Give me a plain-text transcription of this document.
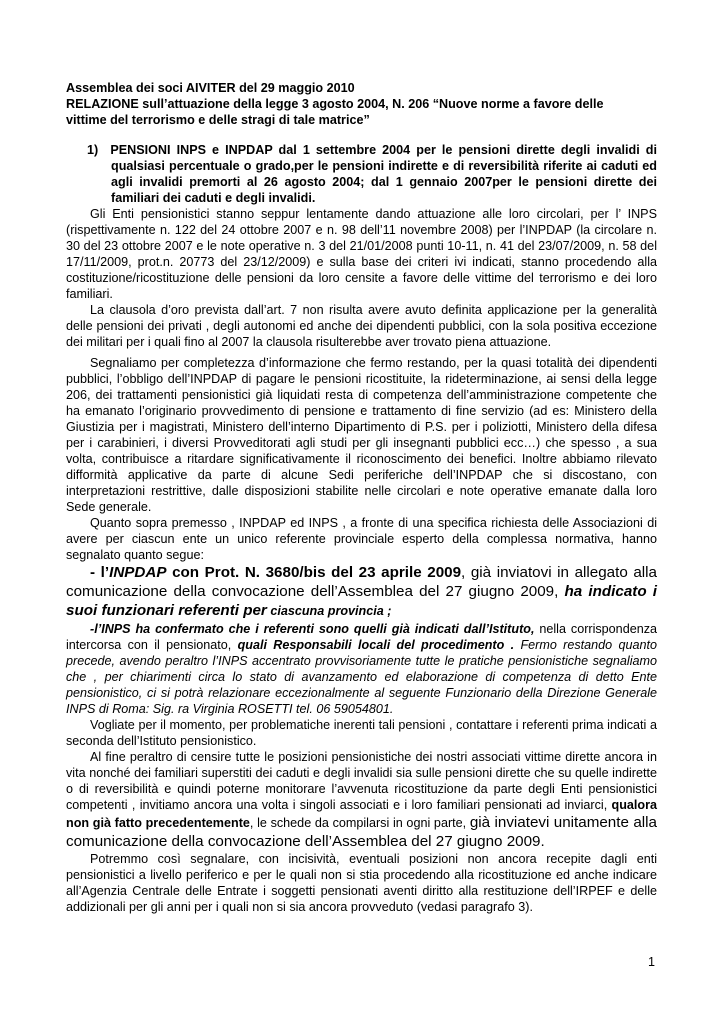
Assemblea dei soci AIVITER del 29 maggio 2010
RELAZIONE sull’attuazione della legge 3 agosto 2004, N. 206 “Nuove norme a favore delle
vittime del terrorismo e delle stragi di tale matrice”
1) PENSIONI INPS e INPDAP dal 1 settembre 2004 per le pensioni dirette degli invalidi di qualsiasi percentuale o grado,per le pensioni indirette e di reversibilità riferite ai caduti ed agli invalidi premorti al 26 agosto 2004; dal 1 gennaio 2007per le pensioni dirette dei familiari dei caduti e degli invalidi.

Gli Enti pensionistici stanno seppur lentamente dando attuazione alle loro circolari, per l’ INPS (rispettivamente n. 122 del 24 ottobre 2007 e n. 98 dell’11 novembre 2008) per l’INPDAP (la circolare n. 30 del 23 ottobre 2007 e le note operative n. 3 del 21/01/2008 punti 10-11, n. 41 del 23/07/2009, n. 58 del 17/11/2009, prot.n. 20773 del 23/12/2009) e sulla base dei criteri ivi indicati, stanno procedendo alla costituzione/ricostituzione delle pensioni da loro censite a favore delle vittime del terrorismo e dei loro familiari.

La clausola d’oro prevista dall’art. 7 non risulta avere avuto definita applicazione per la generalità delle pensioni dei privati , degli autonomi ed anche dei dipendenti pubblici, con la sola positiva eccezione dei militari per i quali fino al 2007 la clausola risulterebbe aver trovato piena attuazione.

Segnaliamo per completezza d’informazione che fermo restando, per la quasi totalità dei dipendenti pubblici, l’obbligo dell’INPDAP di pagare le pensioni ricostituite, la rideterminazione, ai sensi della legge 206, dei trattamenti pensionistici già liquidati resta di competenza dell’amministrazione competente che ha emanato l’originario provvedimento di pensione e trattamento di fine servizio (ad es: Ministero della Giustizia per i magistrati, Ministero dell’interno Dipartimento di P.S. per i poliziotti, Ministero della difesa per i carabinieri, i diversi Provveditorati agli studi per gli insegnanti pubblici ecc…) che spesso , a sua volta, contribuisce a ritardare significativamente il riconoscimento dei benefici. Inoltre abbiamo rilevato difformità applicative da parte di alcune Sedi periferiche dell’INPDAP che si discostano, con interpretazioni restrittive, dalle disposizioni stabilite nelle circolari e note operative emanate dalla loro Sede generale.

Quanto sopra premesso , INPDAP ed INPS , a fronte di una specifica richiesta delle Associazioni di avere per ciascun ente un unico referente provinciale esperto della complessa normativa, hanno segnalato quanto segue:

- l’INPDAP con Prot. N. 3680/bis del 23 aprile 2009, già inviatovi in allegato alla comunicazione della convocazione dell’Assemblea del 27 giugno 2009, ha indicato i suoi funzionari referenti per ciascuna provincia ;

-l’INPS ha confermato che i referenti sono quelli già indicati dall’Istituto, nella corrispondenza intercorsa con il pensionato, quali Responsabili locali del procedimento . Fermo restando quanto precede, avendo peraltro l’INPS accentrato provvisoriamente tutte le pratiche pensionistiche segnaliamo che , per chiarimenti circa lo stato di avanzamento ed elaborazione di competenza di detto Ente pensionistico, ci si potrà relazionare eccezionalmente al seguente Funzionario della Direzione Generale INPS di Roma: Sig. ra Virginia ROSETTI tel. 06 59054801.

Vogliate per il momento, per problematiche inerenti tali pensioni , contattare i referenti prima indicati a seconda dell’Istituto pensionistico.

Al fine peraltro di censire tutte le posizioni pensionistiche dei nostri associati vittime dirette ancora in vita nonché dei familiari superstiti dei caduti e degli invalidi sia sulle pensioni dirette che su quelle indirette o di reversibilità e quindi poterne monitorare l’avvenuta ricostituzione da parte degli Enti pensionistici competenti , invitiamo ancora una volta i singoli associati e i loro familiari pensionati ad inviarci, qualora non già fatto precedentemente, le schede da compilarsi in ogni parte, già inviatevi unitamente alla comunicazione della convocazione dell’Assemblea del 27 giugno 2009.

Potremmo così segnalare, con incisività, eventuali posizioni non ancora recepite dagli enti pensionistici a livello periferico e per le quali non si stia procedendo alla ricostituzione ed anche indicare all’Agenzia Centrale delle Entrate i soggetti pensionati aventi diritto alla restituzione dell’IRPEF e delle addizionali per gli anni per i quali non si sia ancora provveduto (vedasi paragrafo 3).

1
